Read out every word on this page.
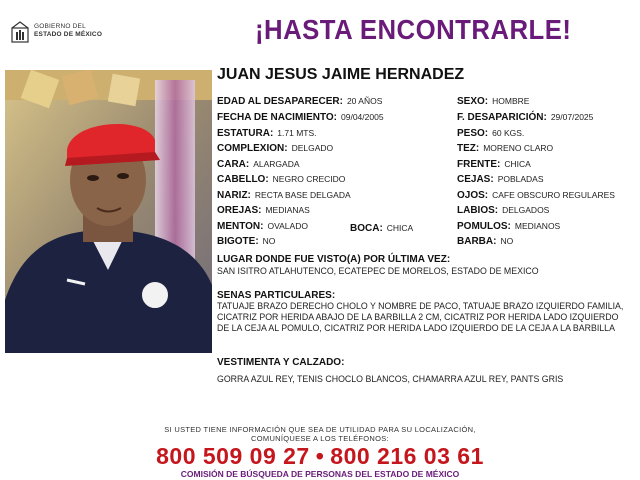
GOBIERNO DEL
ESTADO DE MÉXICO	¡HASTA ENCONTRARLE!
JUAN JESUS JAIME HERNADEZ
EDAD AL DESAPARECER: 20 AÑOS
FECHA DE NACIMIENTO: 09/04/2005
ESTATURA: 1.71 MTS.
COMPLEXION: DELGADO
CARA: ALARGADA
CABELLO: NEGRO CRECIDO
NARIZ: RECTA BASE DELGADA
OREJAS: MEDIANAS
MENTON: OVALADO	BOCA: CHICA
BIGOTE: NO
SEXO: HOMBRE
F. DESAPARICIÓN: 29/07/2025
PESO: 60 KGS.
TEZ: MORENO CLARO
FRENTE: CHICA
CEJAS: POBLADAS
OJOS: CAFE OBSCURO REGULARES
LABIOS: DELGADOS
POMULOS: MEDIANOS
BARBA: NO
LUGAR DONDE FUE VISTO(A) POR ÚLTIMA VEZ:
SAN ISITRO ATLAHUTENCO, ECATEPEC DE MORELOS, ESTADO DE MEXICO
SENAS PARTICULARES:
TATUAJE BRAZO DERECHO CHOLO Y NOMBRE DE PACO, TATUAJE BRAZO IZQUIERDO FAMILIA, CICATRIZ POR HERIDA ABAJO DE LA BARBILLA 2 CM, CICATRIZ POR HERIDA LADO IZQUIERDO DE LA CEJA AL POMULO, CICATRIZ POR HERIDA LADO IZQUIERDO DE LA CEJA A LA BARBILLA
VESTIMENTA Y CALZADO:
GORRA AZUL REY, TENIS CHOCLO BLANCOS, CHAMARRA AZUL REY, PANTS GRIS
SI USTED TIENE INFORMACIÓN QUE SEA DE UTILIDAD PARA SU LOCALIZACIÓN,
COMUNÍQUESE A LOS TELÉFONOS:
800 509 09 27 • 800 216 03 61
COMISIÓN DE BÚSQUEDA DE PERSONAS DEL ESTADO DE MÉXICO
